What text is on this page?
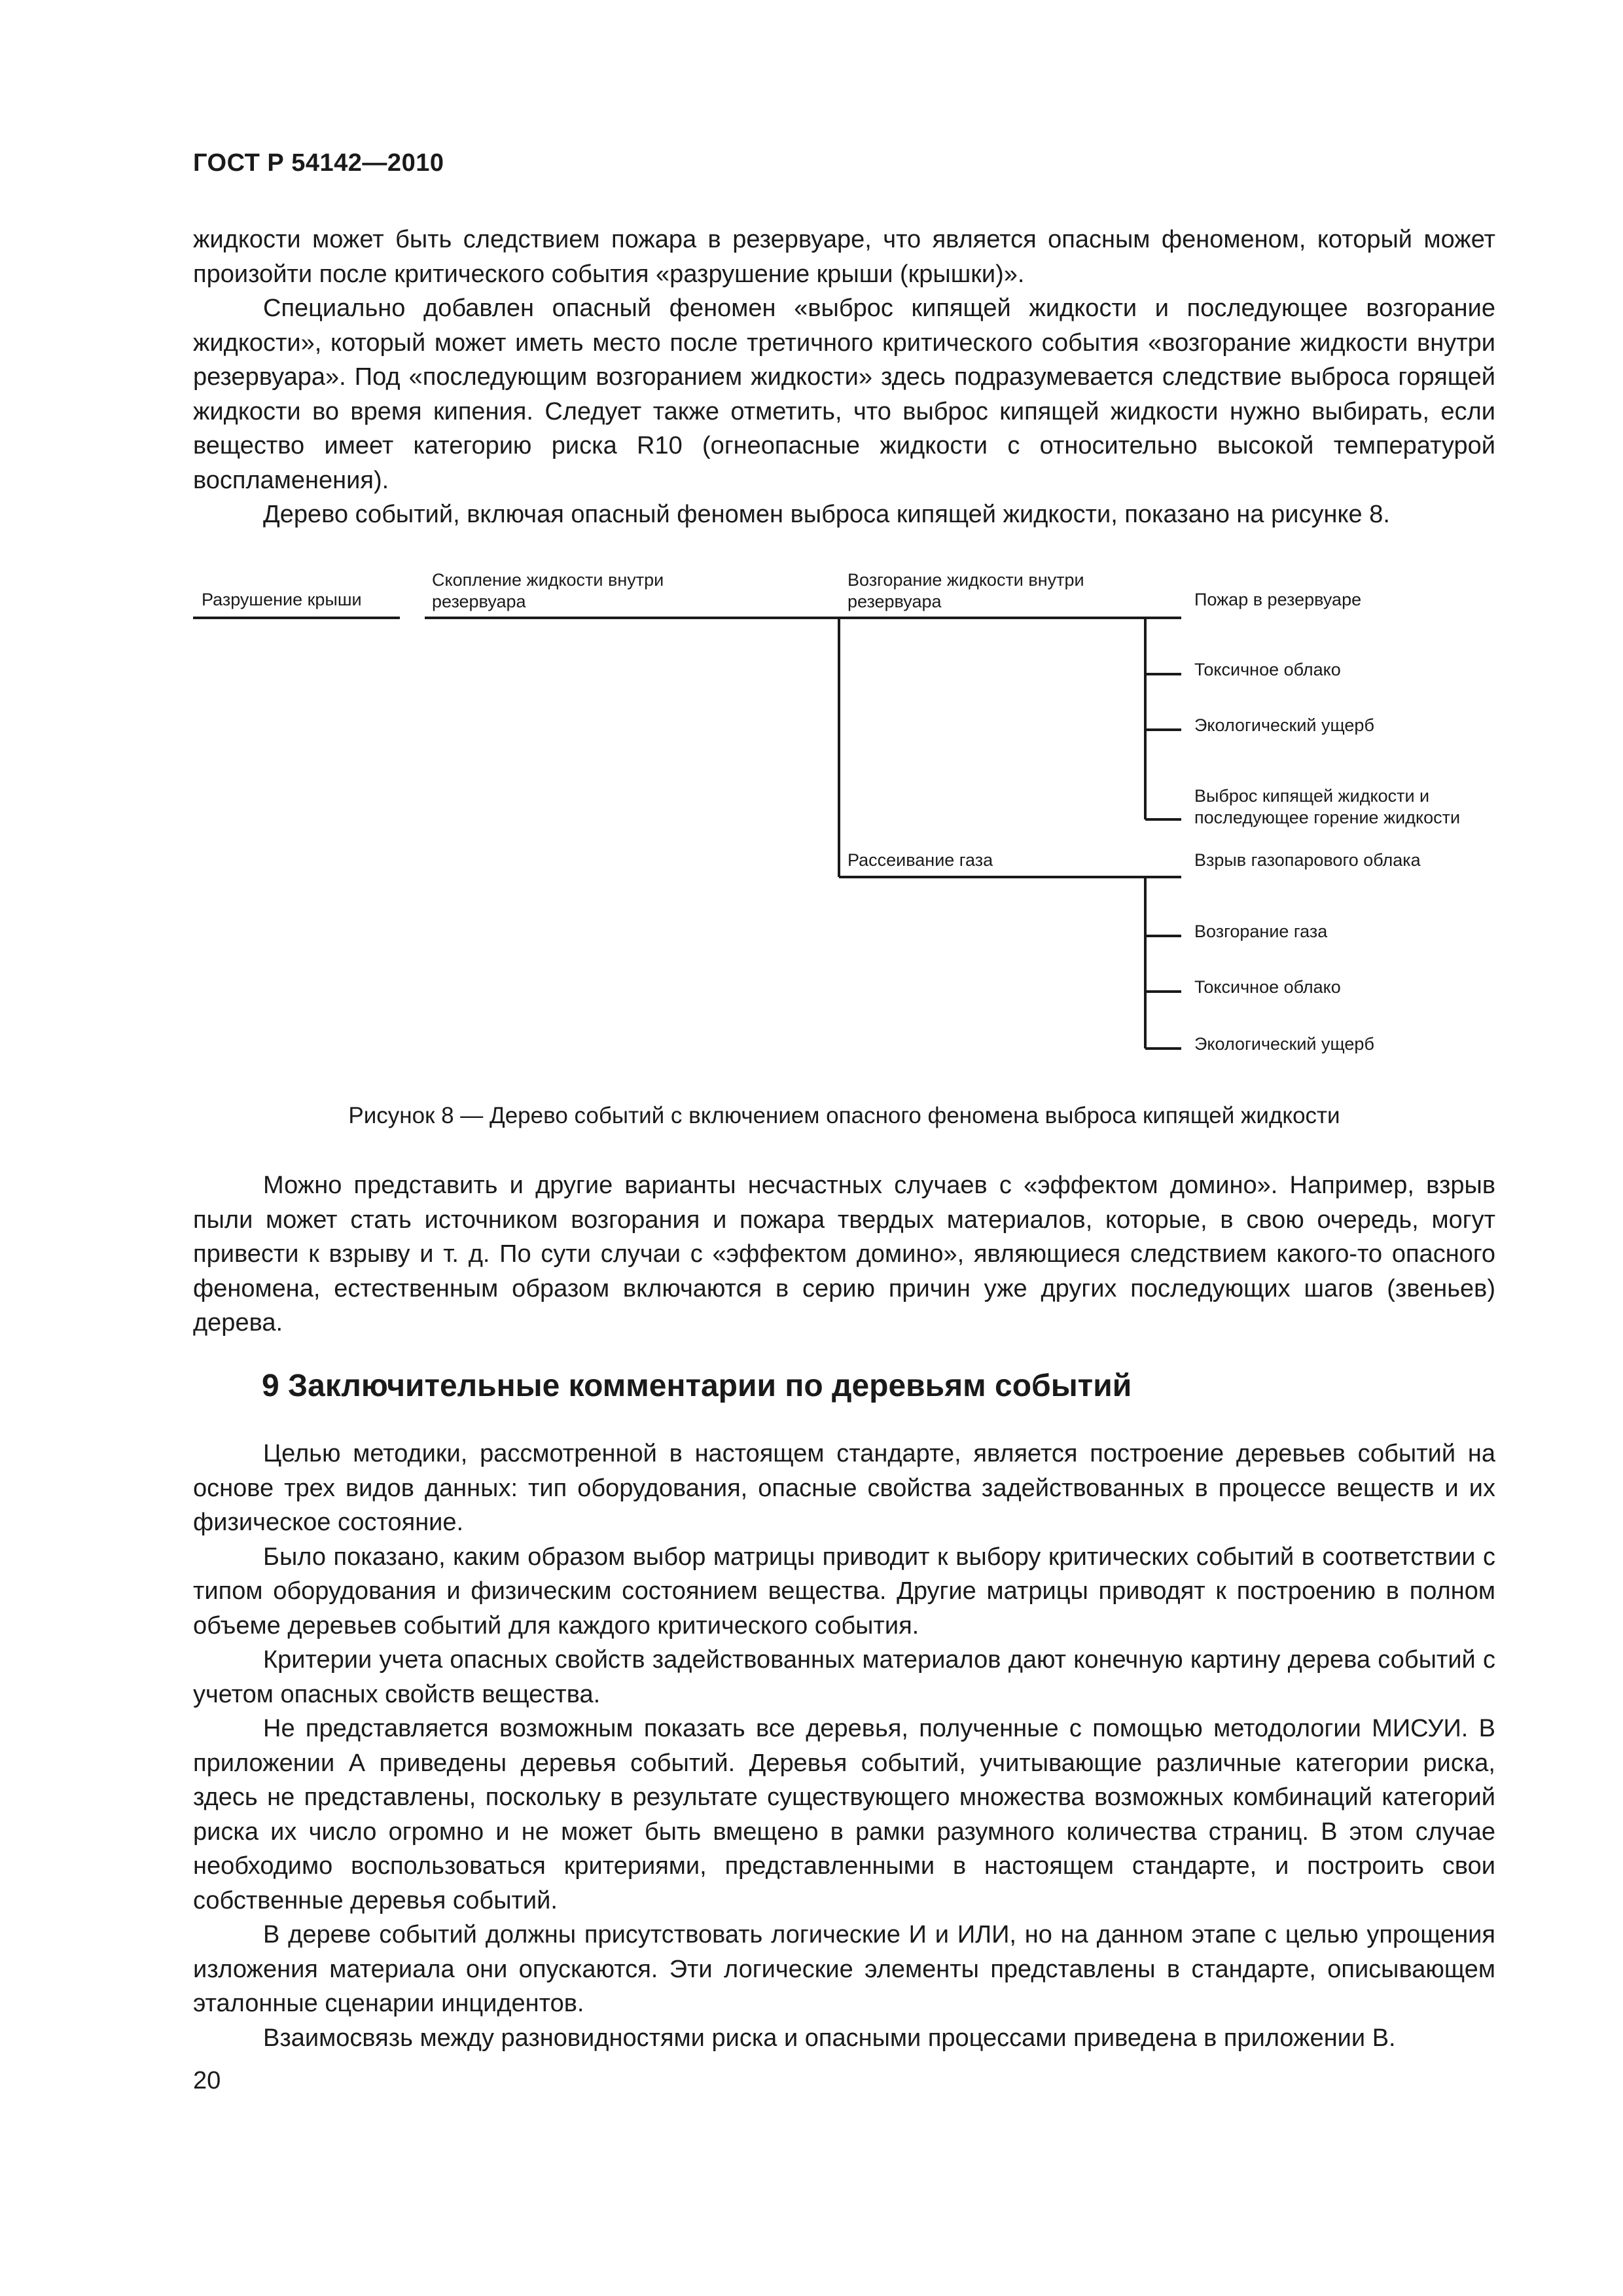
ГОСТ Р 54142—2010

жидкости может быть следствием пожара в резервуаре, что является опасным феноменом, который может произойти после критического события «разрушение крыши (крышки)».

Специально добавлен опасный феномен «выброс кипящей жидкости и последующее возгорание жидкости», который может иметь место после третичного критического события «возгорание жидкости внутри резервуара». Под «последующим возгоранием жидкости» здесь подразумевается следствие выброса горящей жидкости во время кипения. Следует также отметить, что выброс кипящей жидкости нужно выбирать, если вещество имеет категорию риска R10 (огнеопасные жидкости с относительно высокой температурой воспламенения).

Дерево событий, включая опасный феномен выброса кипящей жидкости, показано на рисунке 8.

Разрушение крыши
Скопление жидкости внутри резервуара
Возгорание жидкости внутри резервуара
Рассеивание газа
Пожар в резервуаре
Токсичное облако
Экологический ущерб
Выброс кипящей жидкости и последующее горение жидкости
Взрыв газопарового облака
Возгорание газа
Токсичное облако
Экологический ущерб
Рисунок 8 — Дерево событий с включением опасного феномена выброса кипящей жидкости

Можно представить и другие варианты несчастных случаев с «эффектом домино». Например, взрыв пыли может стать источником возгорания и пожара твердых материалов, которые, в свою очередь, могут привести к взрыву и т. д. По сути случаи с «эффектом домино», являющиеся следствием какого-то опасного феномена, естественным образом включаются в серию причин уже других последующих шагов (звеньев) дерева.

9 Заключительные комментарии по деревьям событий

Целью методики, рассмотренной в настоящем стандарте, является построение деревьев событий на основе трех видов данных: тип оборудования, опасные свойства задействованных в процессе веществ и их физическое состояние.

Было показано, каким образом выбор матрицы приводит к выбору критических событий в соответствии с типом оборудования и физическим состоянием вещества. Другие матрицы приводят к построению в полном объеме деревьев событий для каждого критического события.

Критерии учета опасных свойств задействованных материалов дают конечную картину дерева событий с учетом опасных свойств вещества.

Не представляется возможным показать все деревья, полученные с помощью методологии МИСУИ. В приложении А приведены деревья событий. Деревья событий, учитывающие различные категории риска, здесь не представлены, поскольку в результате существующего множества возможных комбинаций категорий риска их число огромно и не может быть вмещено в рамки разумного количества страниц. В этом случае необходимо воспользоваться критериями, представленными в настоящем стандарте, и построить свои собственные деревья событий.

В дереве событий должны присутствовать логические И и ИЛИ, но на данном этапе с целью упрощения изложения материала они опускаются. Эти логические элементы представлены в стандарте, описывающем эталонные сценарии инцидентов.

Взаимосвязь между разновидностями риска и опасными процессами приведена в приложении В.

20
